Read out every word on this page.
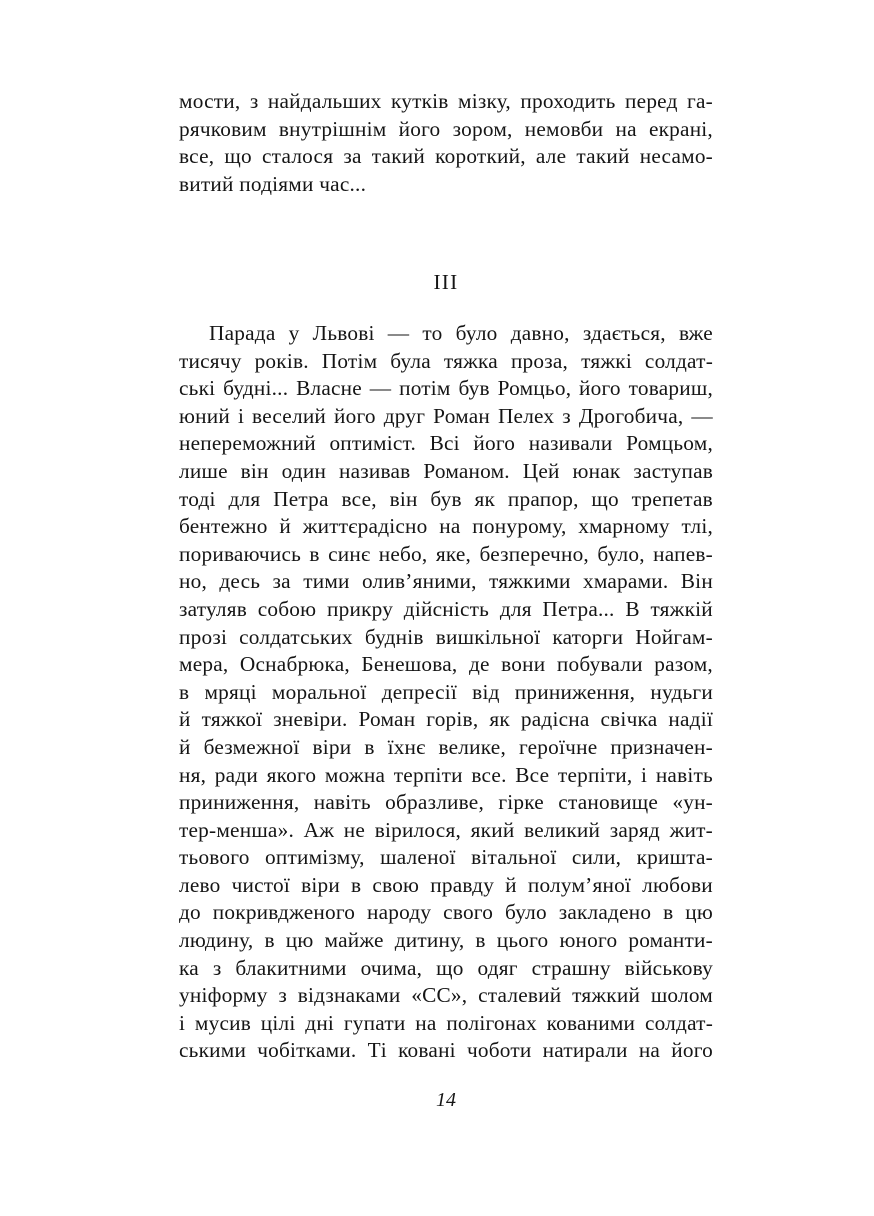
мости, з найдальших куткiв мiзку, проходить перед га-
рячковим внутрiшнiм його зором, немовби на екранi,
все, що сталося за такий короткий, але такий несамо-
витий подiями час...
III
Парада у Львовi — то було давно, здається, вже
тисячу рокiв. Потiм була тяжка проза, тяжкi солдат-
ськi буднi... Власне — потiм був Ромцьо, його товариш,
юний i веселий його друг Роман Пелех з Дрогобича, —
непереможний оптимiст. Всi його називали Ромцьом,
лише вiн один називав Романом. Цей юнак заступав
тодi для Петра все, вiн був як прапор, що трепетав
бентежно й життєрадiсно на понурому, хмарному тлi,
пориваючись в синє небо, яке, безперечно, було, напев-
но, десь за тими олив’яними, тяжкими хмарами. Вiн
затуляв собою прикру дiйснiсть для Петра... В тяжкiй
прозi солдатських буднiв вишкiльної каторги Нойгам-
мера, Оснабрюка, Бенешова, де вони побували разом,
в мряцi моральної депресiї вiд приниження, нудьги
й тяжкої зневiри. Роман горiв, як радiсна свiчка надiї
й безмежної вiри в їхнє велике, героїчне призначен-
ня, ради якого можна терпiти все. Все терпiти, i навiть
приниження, навiть образливе, гiрке становище «ун-
тер-менша». Аж не вiрилося, який великий заряд жит-
тьового оптимiзму, шаленої вiтальної сили, кришта-
лево чистої вiри в свою правду й полум’яної любови
до покривдженого народу свого було закладено в цю
людину, в цю майже дитину, в цього юного романти-
ка з блакитними очима, що одяг страшну вiйськову
унiформу з вiдзнаками «СС», сталевий тяжкий шолом
i мусив цiлi днi гупати на полiгонах кованими солдат-
ськими чобiтками. Тi кованi чоботи натирали на його
14
